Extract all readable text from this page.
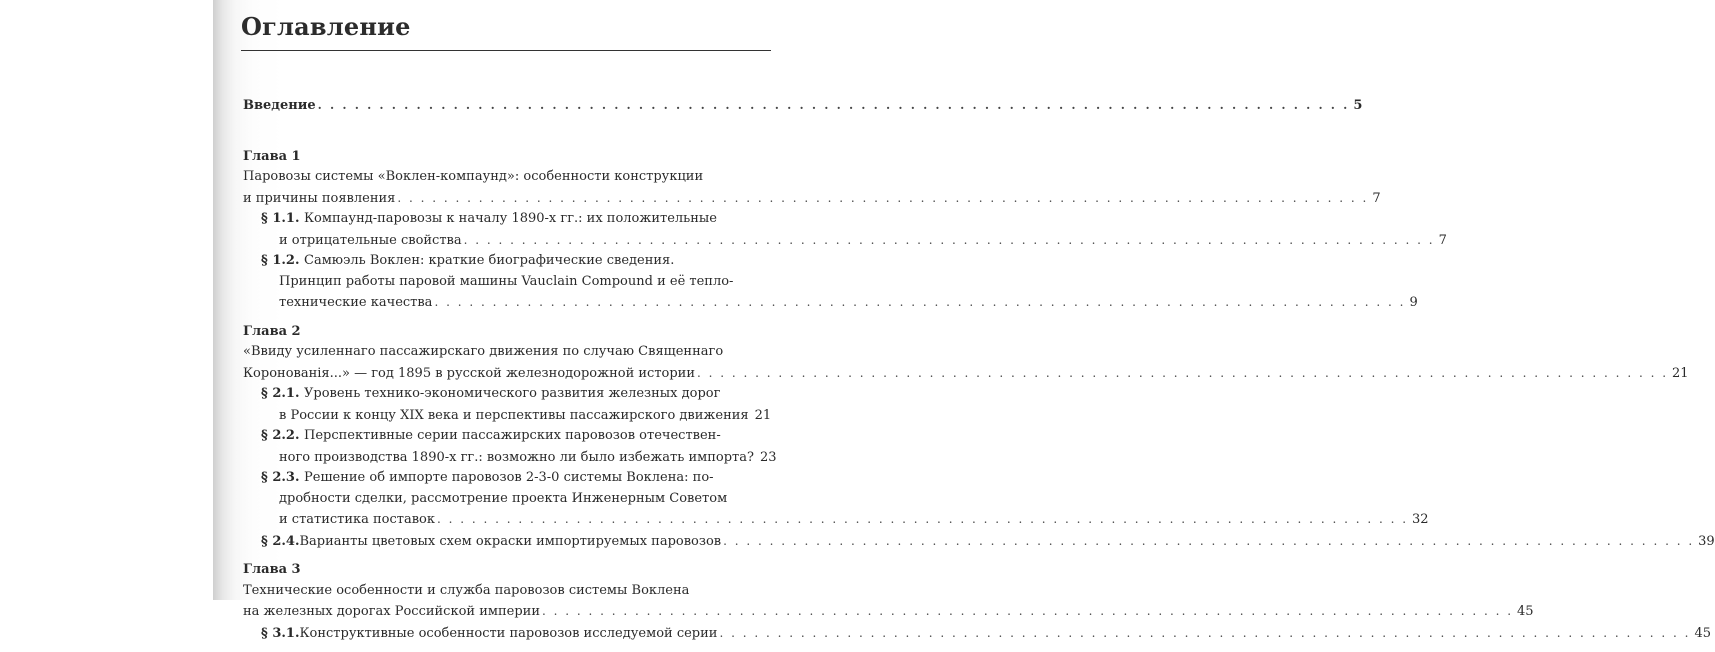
Оглавление
Введение . . .	5
Глава 1
Паровозы системы «Воклен-компаунд»: особенности конструкции
и причины появления . . .	7
§ 1.1. Компаунд-паровозы к началу 1890-х гг.: их положительные
и отрицательные свойства . . .	7
§ 1.2. Самюэль Воклен: краткие биографические сведения.
Принцип работы паровой машины Vauclain Compound и её тепло-
технические качества . . .	9
Глава 2
«Ввиду усиленнаго пассажирскаго движения по случаю Священнаго
Коронованія...» — год 1895 в русской железнодорожной истории . . .	21
§ 2.1. Уровень технико-экономического развития железных дорог
в России к концу XIX века и перспективы пассажирского движения 21
§ 2.2. Перспективные серии пассажирских паровозов отечествен-
ного производства 1890-х гг.: возможно ли было избежать импорта? 23
§ 2.3. Решение об импорте паровозов 2-3-0 системы Воклена: по-
дробности сделки, рассмотрение проекта Инженерным Советом
и статистика поставок . . .	32
§ 2.4. Варианты цветовых схем окраски импортируемых паровозов . . .	39
Глава 3
Технические особенности и служба паровозов системы Воклена
на железных дорогах Российской империи . . .	45
§ 3.1. Конструктивные особенности паровозов исследуемой серии . . .	45
